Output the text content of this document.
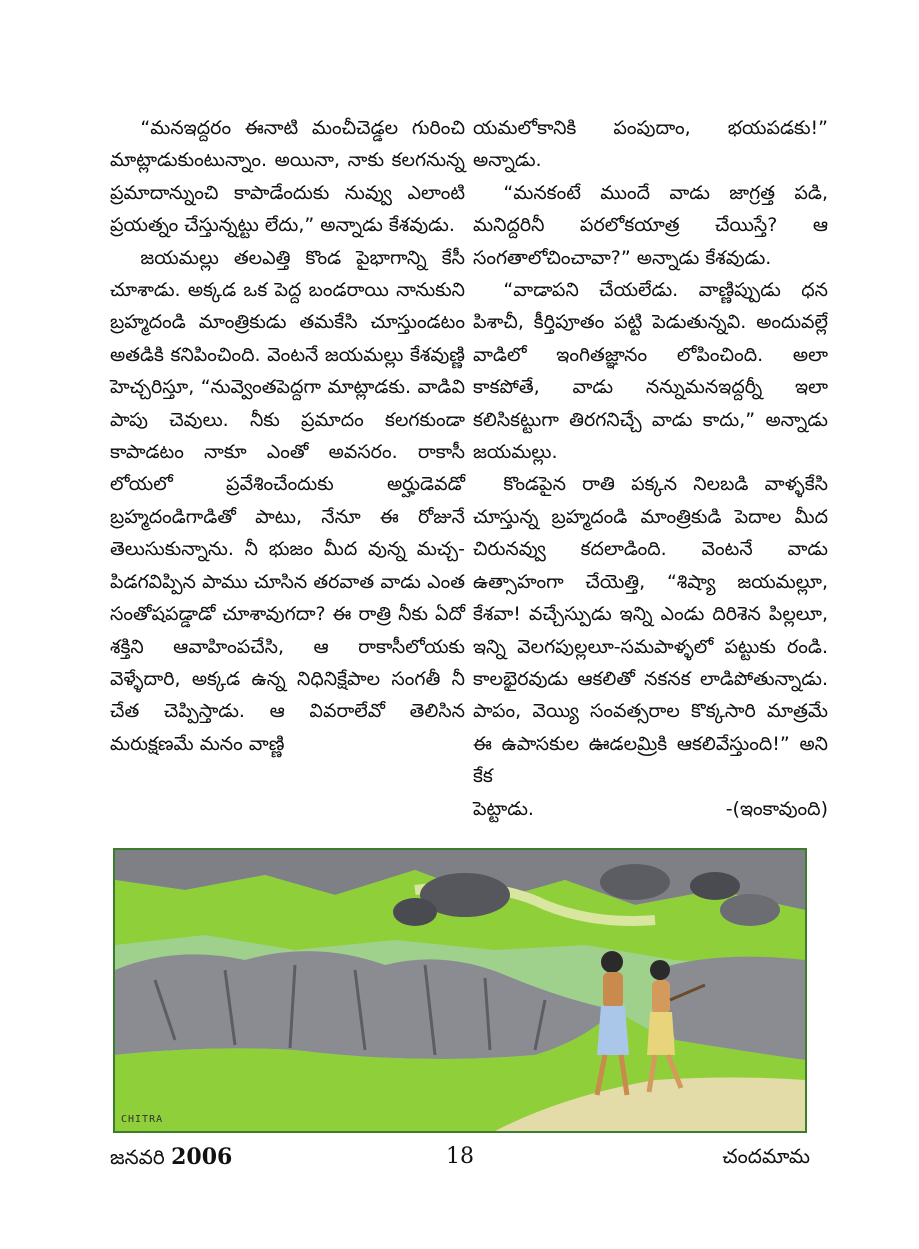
“మనఇద్దరం ఈనాటి మంచీచెడ్డల గురించి మాట్లాడుకుంటున్నాం. అయినా, నాకు కలగనున్న ప్రమాదాన్నుంచి కాపాడేందుకు నువ్వు ఎలాంటి ప్రయత్నం చేస్తున్నట్టు లేదు,” అన్నాడు కేశవుడు.

జయమల్లు తలఎత్తి కొండ పైభాగాన్ని కేసీ చూశాడు. అక్కడ ఒక పెద్ద బండరాయి నానుకుని బ్రహ్మదండి మాంత్రికుడు తమకేసి చూస్తుండటం అతడికి కనిపించింది. వెంటనే జయమల్లు కేశవుణ్ణి హెచ్చరిస్తూ, “నువ్వెంతపెద్దగా మాట్లాడకు. వాడివి పాపు చెవులు. నీకు ప్రమాదం కలగకుండా కాపాడటం నాకూ ఎంతో అవసరం. రాకాసీ లోయలో ప్రవేశించేందుకు అర్హుడెవడో బ్రహ్మదండిగాడితో పాటు, నేనూ ఈ రోజునే తెలుసుకున్నాను. నీ భుజం మీద వున్న మచ్చ-పిడగవిప్పిన పాము చూసిన తరవాత వాడు ఎంత సంతోషపడ్డాడో చూశావుగదా? ఈ రాత్రి నీకు ఏదో శక్తిని ఆవాహింపచేసి, ఆ రాకాసీలోయకు వెళ్ళేదారి, అక్కడ ఉన్న నిధినిక్షేపాల సంగతీ నీ చేత చెప్పిస్తాడు. ఆ వివరాలేవో తెలిసిన మరుక్షణమే మనం వాణ్ణి

యమలోకానికి పంపుదాం, భయపడకు!” అన్నాడు.

“మనకంటే ముందే వాడు జాగ్రత్త పడి, మనిద్దరినీ పరలోకయాత్ర చేయిస్తే? ఆ సంగతాలోచించావా?” అన్నాడు కేశవుడు.

“వాడాపని చేయలేడు. వాణ్ణిప్పుడు ధన పిశాచీ, కీర్తిపూతం పట్టి పెడుతున్నవి. అందువల్లే వాడిలో ఇంగితజ్ఞానం లోపించింది. అలా కాకపోతే, వాడు నన్నుమనఇద్దర్నీ ఇలా కలిసికట్టుగా తిరగనిచ్చే వాడు కాదు,” అన్నాడు జయమల్లు.

కొండపైన రాతి పక్కన నిలబడి వాళ్ళకేసి చూస్తున్న బ్రహ్మదండి మాంత్రికుడి పెదాల మీద చిరునవ్వు కదలాడింది. వెంటనే వాడు ఉత్సాహంగా చేయెత్తి, “శిష్యా జయమల్లూ, కేశవా! వచ్చేస్పుడు ఇన్ని ఎండు దిరిశెన పిల్లలూ, ఇన్ని వెలగపుల్లలూ-సమపాళ్ళలో పట్టుకు రండి. కాలభైరవుడు ఆకలితో నకనక లాడిపోతున్నాడు. పాపం, వెయ్యి సంవత్సరాల కొక్కసారి మాత్రమే ఈ ఉపాసకుల ఊడలమ్రికి ఆకలివేస్తుంది!” అని కేక

పెట్టాడు.	-(ఇంకావుంది)

CHITRA
జనవరి 2006	18	చందమామ
